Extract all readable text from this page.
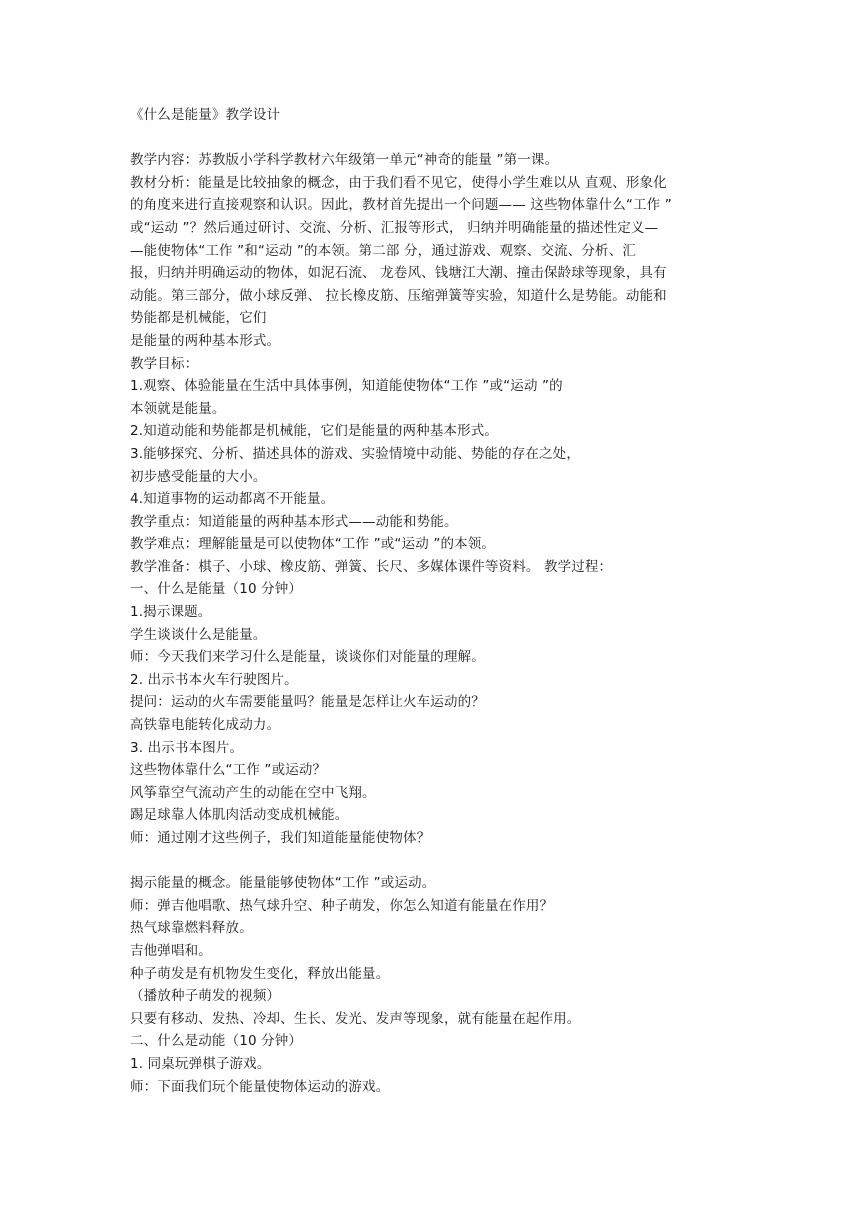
《什么是能量》教学设计
教学内容：苏教版小学科学教材六年级第一单元“神奇的能量 ”第一课。
教材分析：能量是比较抽象的概念，由于我们看不见它，使得小学生难以从 直观、形象化
的角度来进行直接观察和认识。因此，教材首先提出一个问题—— 这些物体靠什么“工作 ”
或“运动 ”？然后通过研讨、交流、分析、汇报等形式， 归纳并明确能量的描述性定义—
—能使物体“工作 ”和“运动 ”的本领。第二部 分，通过游戏、观察、交流、分析、汇
报，归纳并明确运动的物体，如泥石流、 龙卷风、钱塘江大潮、撞击保龄球等现象，具有
动能。第三部分，做小球反弹、 拉长橡皮筋、压缩弹簧等实验，知道什么是势能。动能和
势能都是机械能，它们
是能量的两种基本形式。
教学目标：
1.观察、体验能量在生活中具体事例，知道能使物体“工作 ”或“运动 ”的
本领就是能量。
2.知道动能和势能都是机械能，它们是能量的两种基本形式。
3.能够探究、分析、描述具体的游戏、实验情境中动能、势能的存在之处，
初步感受能量的大小。
4.知道事物的运动都离不开能量。
教学重点：知道能量的两种基本形式——动能和势能。
教学难点：理解能量是可以使物体“工作 ”或“运动 ”的本领。
教学准备：棋子、小球、橡皮筋、弹簧、长尺、多媒体课件等资料。 教学过程：
一、什么是能量（10 分钟）
1.揭示课题。
学生谈谈什么是能量。
师：今天我们来学习什么是能量，谈谈你们对能量的理解。
2. 出示书本火车行驶图片。
提问：运动的火车需要能量吗？能量是怎样让火车运动的？
高铁靠电能转化成动力。
3. 出示书本图片。
这些物体靠什么“工作 ”或运动？
风筝靠空气流动产生的动能在空中飞翔。
踢足球靠人体肌肉活动变成机械能。
师：通过刚才这些例子，我们知道能量能使物体？
揭示能量的概念。能量能够使物体“工作 ”或运动。
师：弹吉他唱歌、热气球升空、种子萌发，你怎么知道有能量在作用？
热气球靠燃料释放。
吉他弹唱和。
种子萌发是有机物发生变化，释放出能量。
（播放种子萌发的视频）
只要有移动、发热、冷却、生长、发光、发声等现象，就有能量在起作用。
二、什么是动能（10 分钟）
1. 同桌玩弹棋子游戏。
师：下面我们玩个能量使物体运动的游戏。
